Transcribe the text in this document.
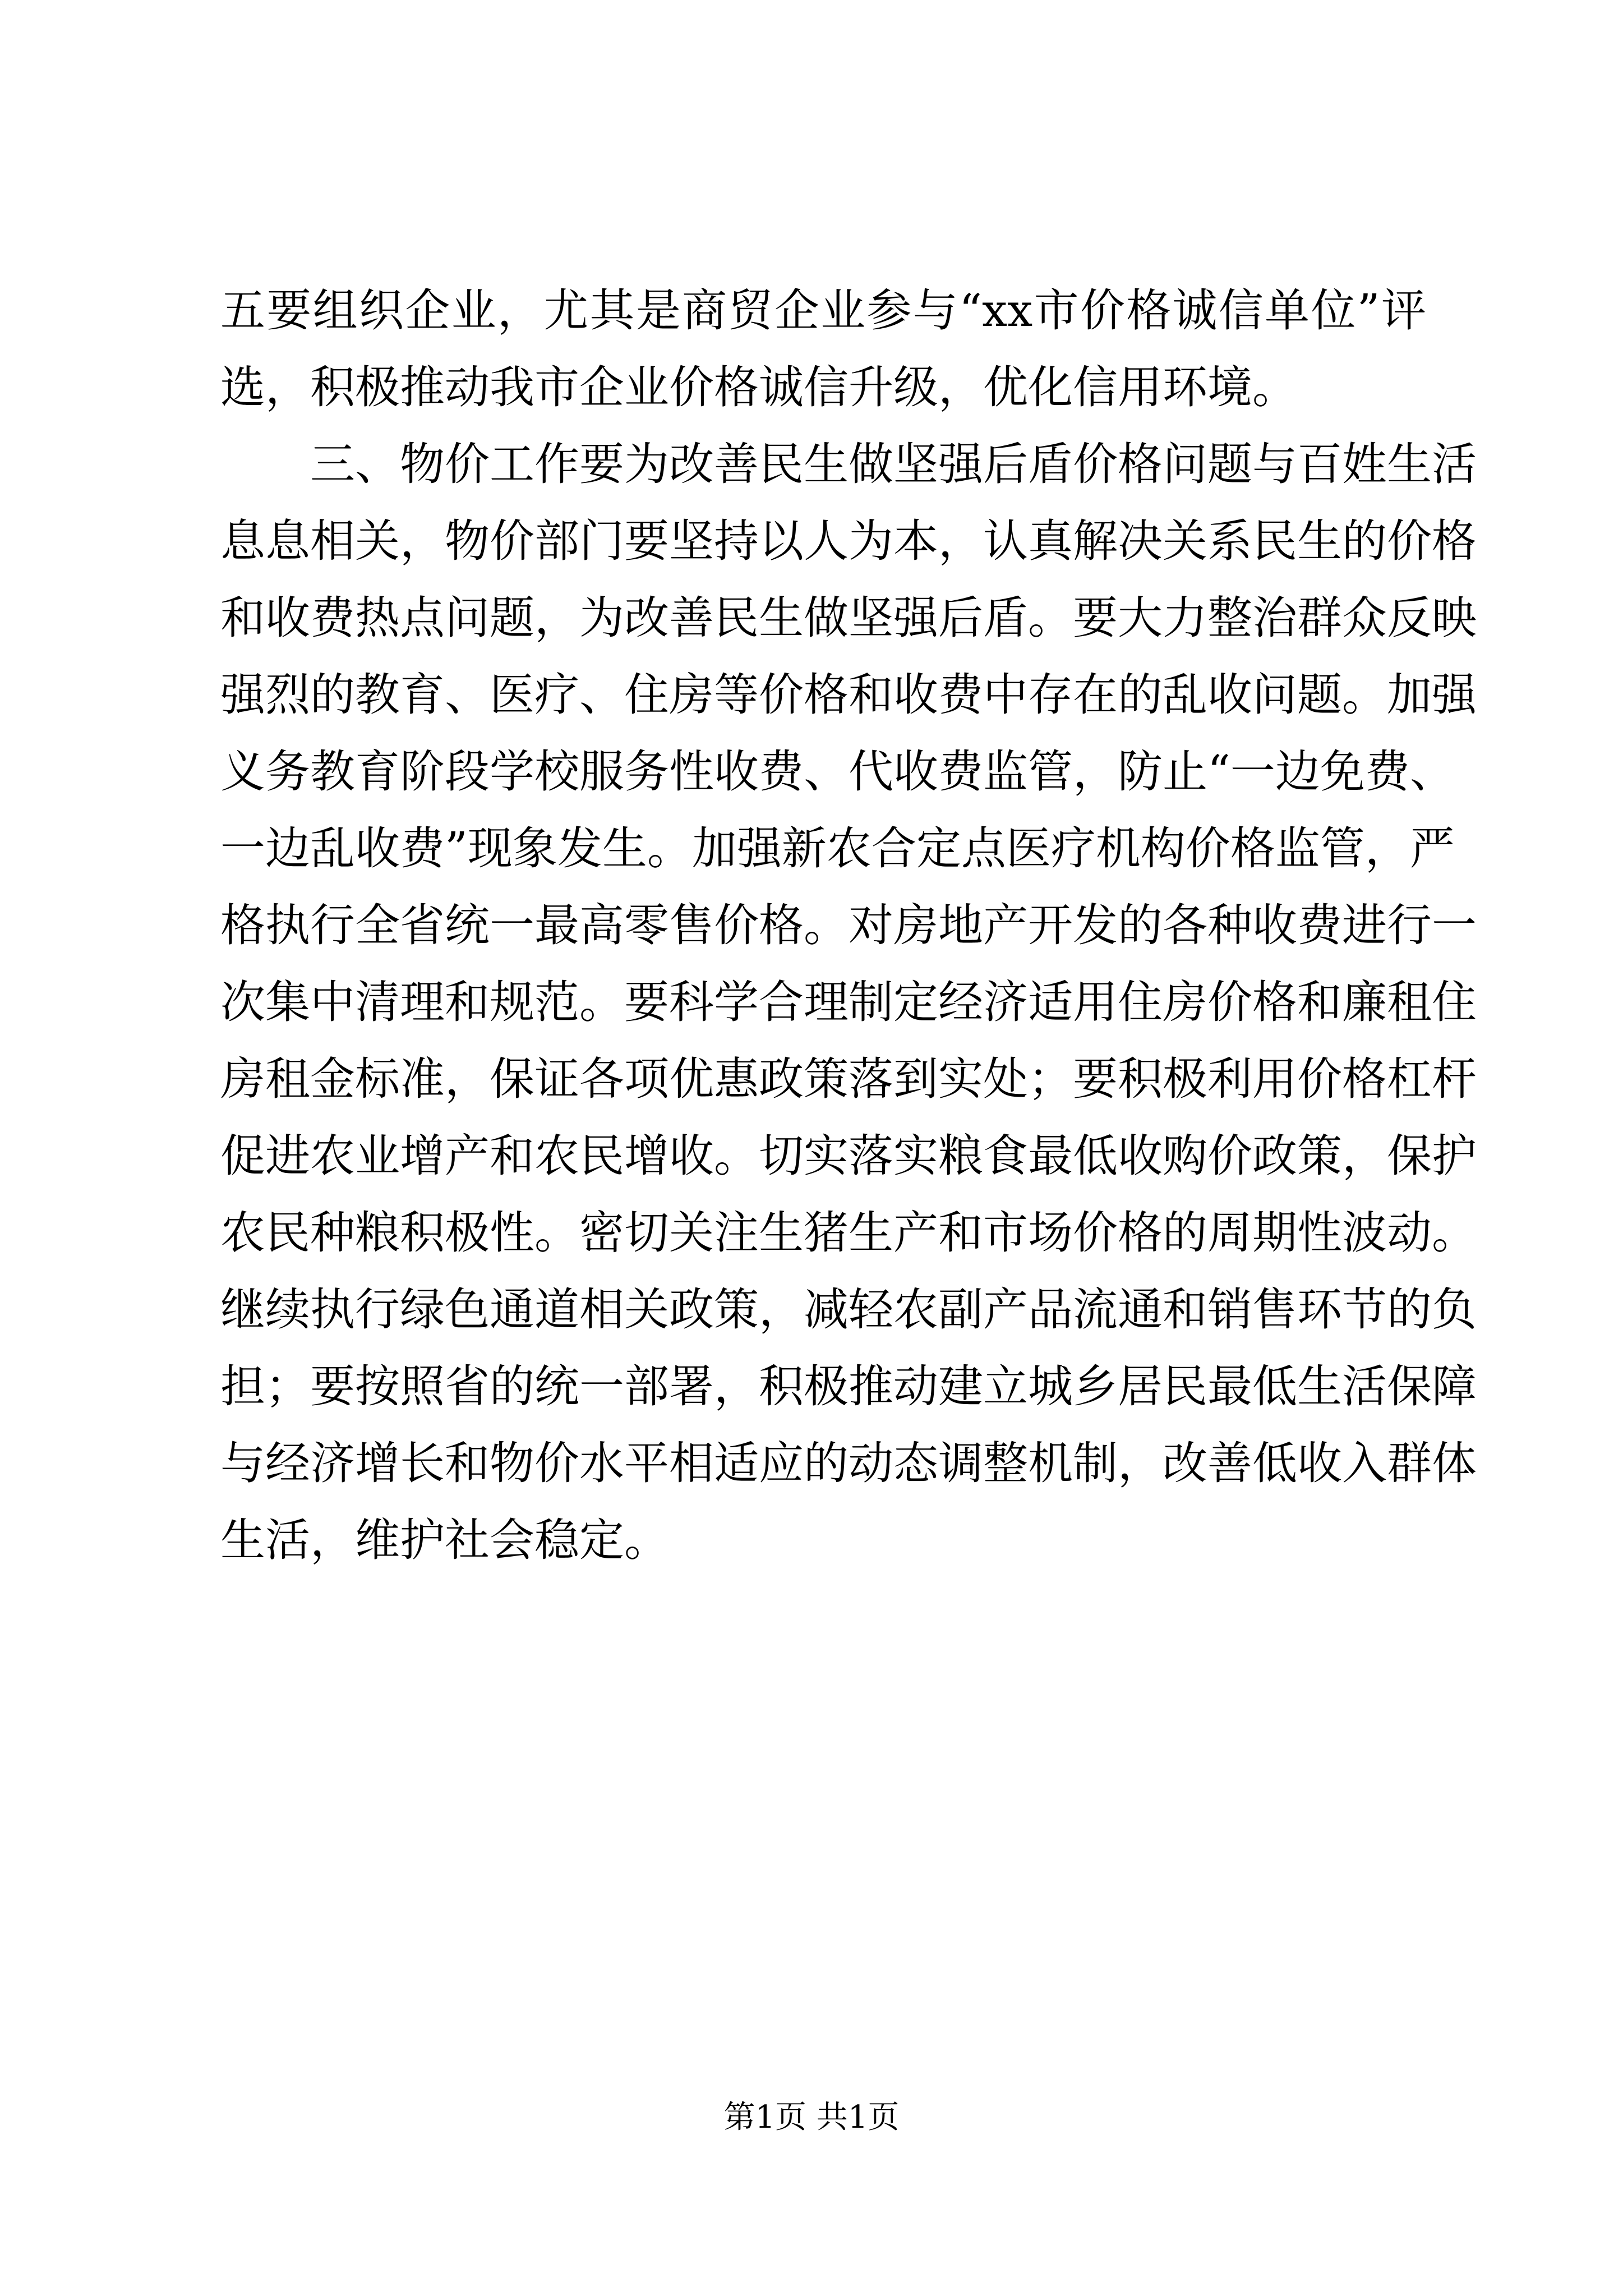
五要组织企业，尤其是商贸企业参与“xx市价格诚信单位”评
选，积极推动我市企业价格诚信升级，优化信用环境。
　　三、物价工作要为改善民生做坚强后盾价格问题与百姓生活
息息相关，物价部门要坚持以人为本，认真解决关系民生的价格
和收费热点问题，为改善民生做坚强后盾。要大力整治群众反映
强烈的教育、医疗、住房等价格和收费中存在的乱收问题。加强
义务教育阶段学校服务性收费、代收费监管，防止“一边免费、
一边乱收费”现象发生。加强新农合定点医疗机构价格监管，严
格执行全省统一最高零售价格。对房地产开发的各种收费进行一
次集中清理和规范。要科学合理制定经济适用住房价格和廉租住
房租金标准，保证各项优惠政策落到实处；要积极利用价格杠杆
促进农业增产和农民增收。切实落实粮食最低收购价政策，保护
农民种粮积极性。密切关注生猪生产和市场价格的周期性波动。
继续执行绿色通道相关政策，减轻农副产品流通和销售环节的负
担；要按照省的统一部署，积极推动建立城乡居民最低生活保障
与经济增长和物价水平相适应的动态调整机制，改善低收入群体
生活，维护社会稳定。
第1页 共1页
